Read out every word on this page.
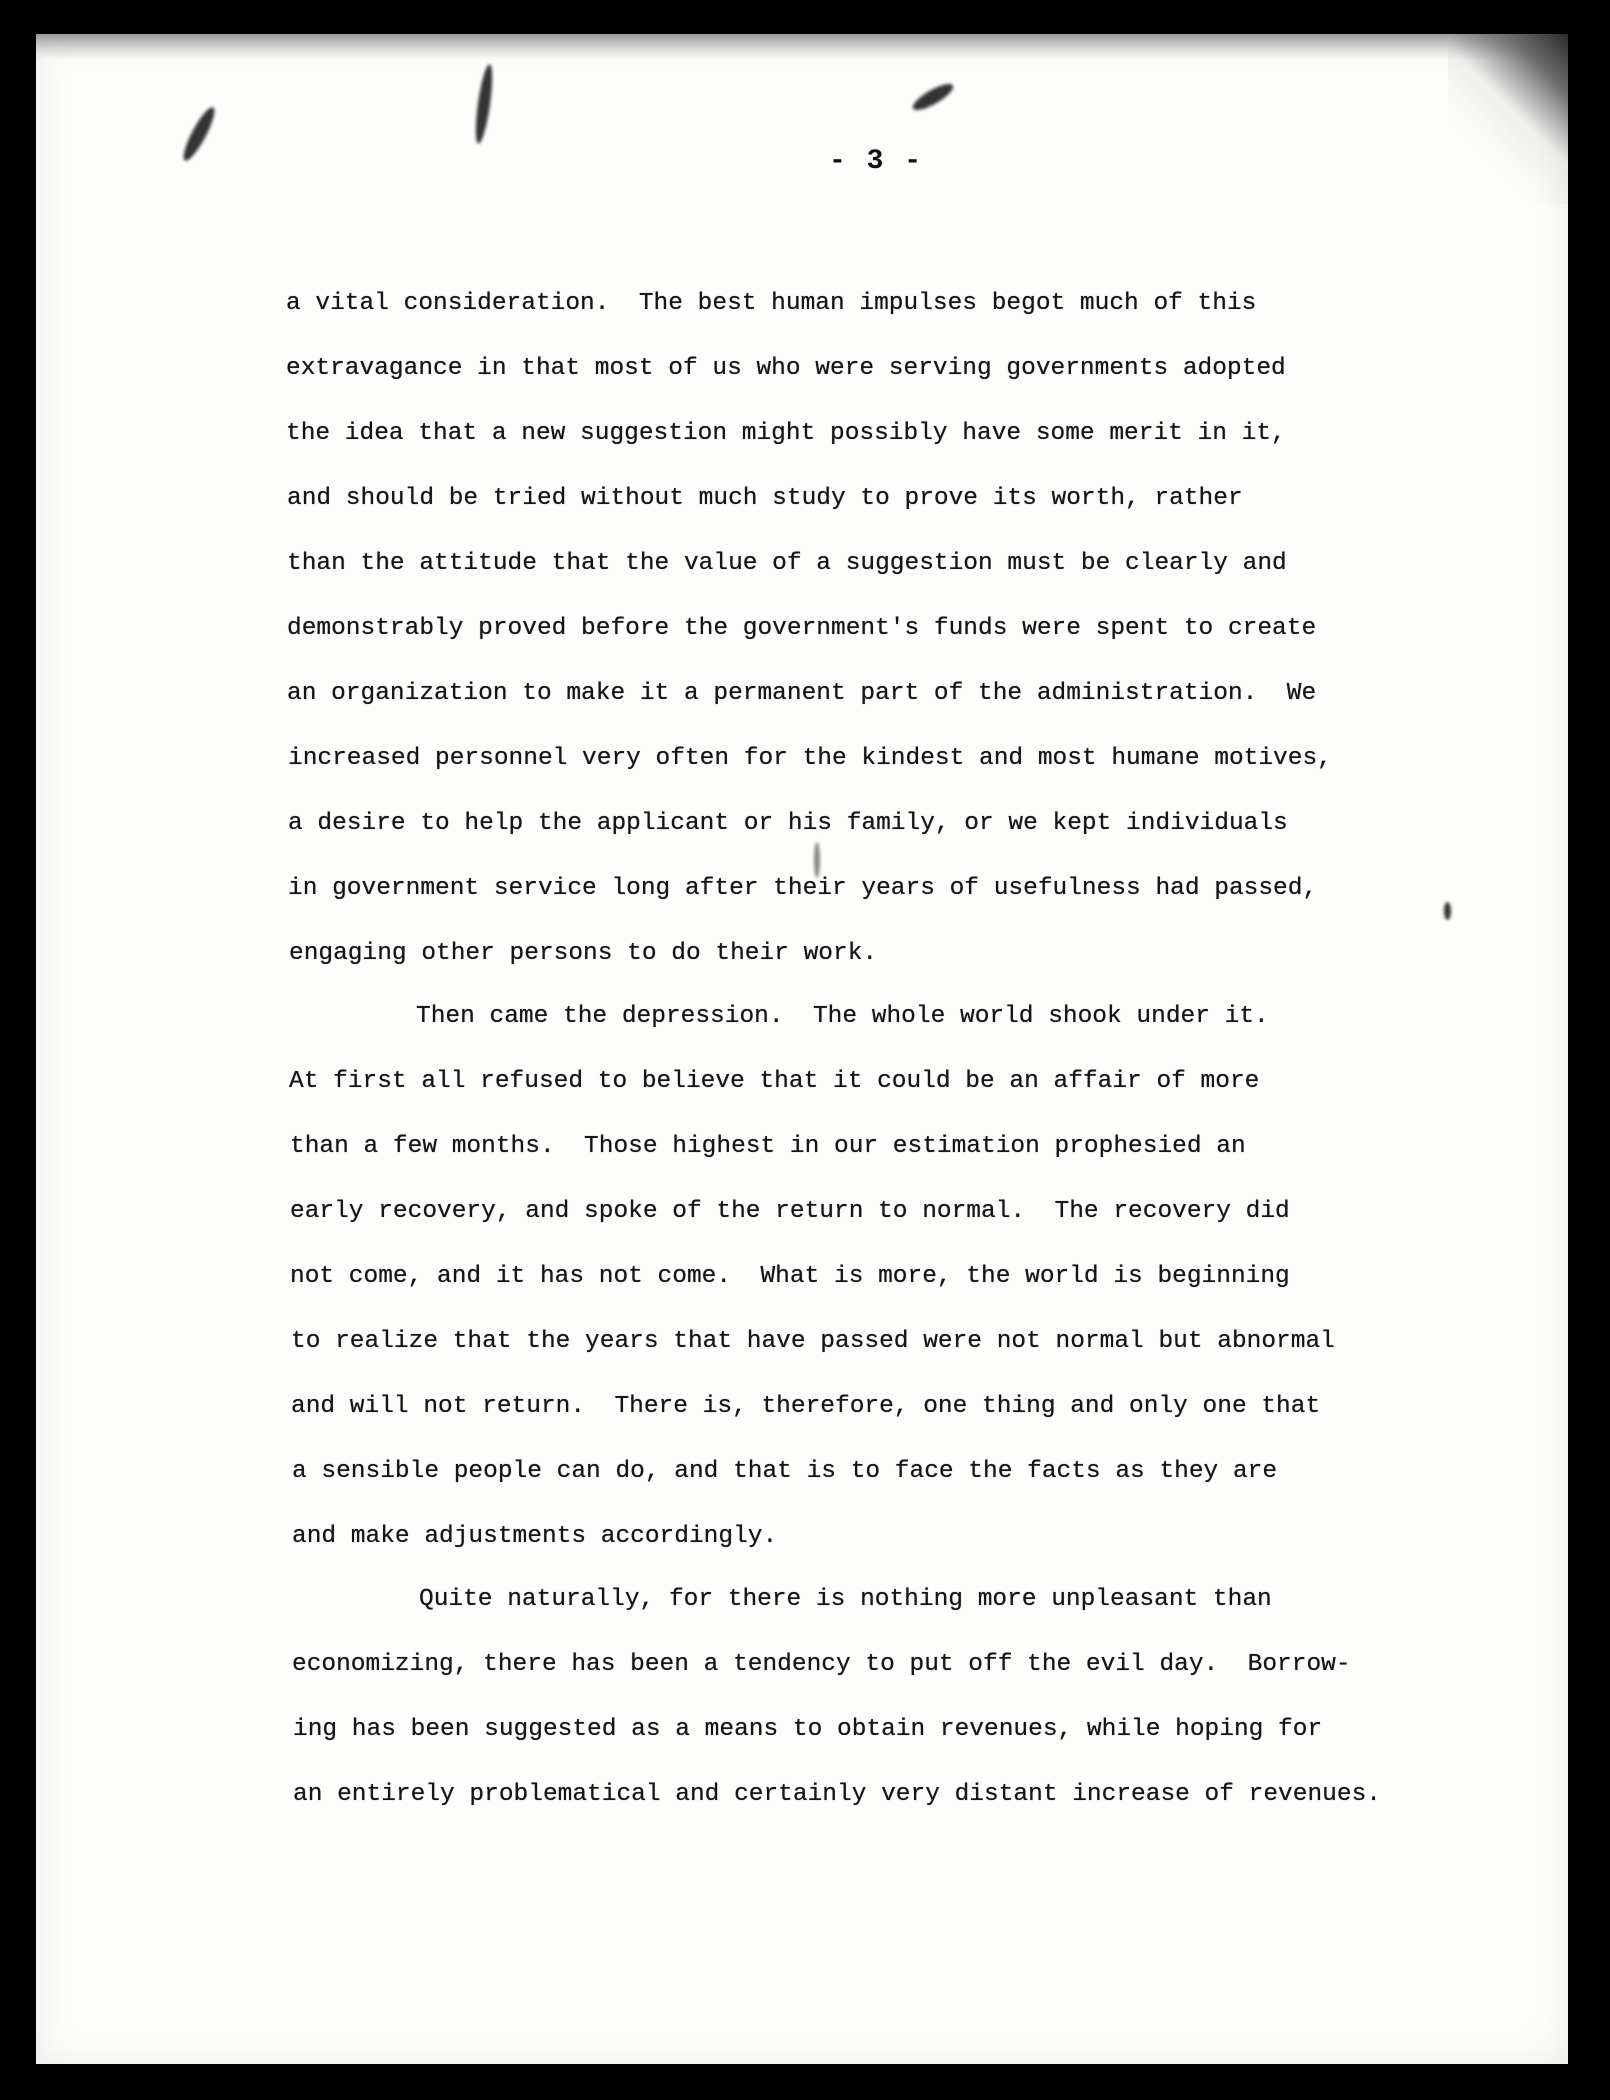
- 3 -
a vital consideration.  The best human impulses begot much of this
extravagance in that most of us who were serving governments adopted
the idea that a new suggestion might possibly have some merit in it,
and should be tried without much study to prove its worth, rather
than the attitude that the value of a suggestion must be clearly and
demonstrably proved before the government's funds were spent to create
an organization to make it a permanent part of the administration.  We
increased personnel very often for the kindest and most humane motives,
a desire to help the applicant or his family, or we kept individuals
in government service long after their years of usefulness had passed,
engaging other persons to do their work.
Then came the depression.  The whole world shook under it.
At first all refused to believe that it could be an affair of more
than a few months.  Those highest in our estimation prophesied an
early recovery, and spoke of the return to normal.  The recovery did
not come, and it has not come.  What is more, the world is beginning
to realize that the years that have passed were not normal but abnormal
and will not return.  There is, therefore, one thing and only one that
a sensible people can do, and that is to face the facts as they are
and make adjustments accordingly.
Quite naturally, for there is nothing more unpleasant than
economizing, there has been a tendency to put off the evil day.  Borrow-
ing has been suggested as a means to obtain revenues, while hoping for
an entirely problematical and certainly very distant increase of revenues.
